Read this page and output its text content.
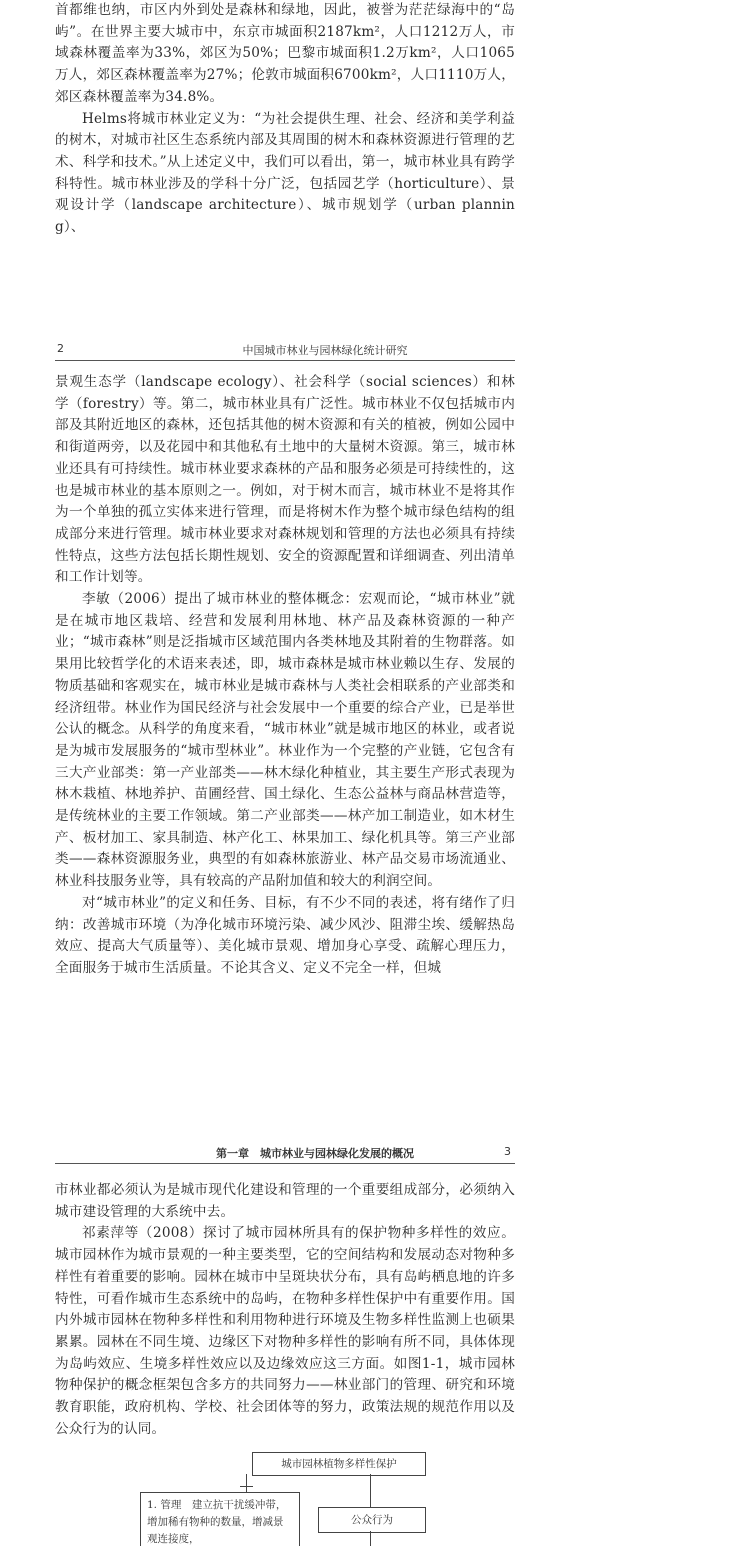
首都维也纳，市区内外到处是森林和绿地，因此，被誉为茫茫绿海中的“岛屿”。在世界主要大城市中，东京市城面积2187km²，人口1212万人，市域森林覆盖率为33%，郊区为50%；巴黎市城面积1.2万km²，人口1065万人，郊区森林覆盖率为27%；伦敦市城面积6700km²，人口1110万人，郊区森林覆盖率为34.8%。

Helms将城市林业定义为：“为社会提供生理、社会、经济和美学利益的树木，对城市社区生态系统内部及其周围的树木和森林资源进行管理的艺术、科学和技术。”从上述定义中，我们可以看出，第一，城市林业具有跨学科特性。城市林业涉及的学科十分广泛，包括园艺学（horticulture）、景观设计学（landscape architecture）、城市规划学（urban planning）、

2	中国城市林业与园林绿化统计研究

景观生态学（landscape ecology）、社会科学（social sciences）和林学（forestry）等。第二，城市林业具有广泛性。城市林业不仅包括城市内部及其附近地区的森林，还包括其他的树木资源和有关的植被，例如公园中和街道两旁，以及花园中和其他私有土地中的大量树木资源。第三，城市林业还具有可持续性。城市林业要求森林的产品和服务必须是可持续性的，这也是城市林业的基本原则之一。例如，对于树木而言，城市林业不是将其作为一个单独的孤立实体来进行管理，而是将树木作为整个城市绿色结构的组成部分来进行管理。城市林业要求对森林规划和管理的方法也必须具有持续性特点，这些方法包括长期性规划、安全的资源配置和详细调查、列出清单和工作计划等。

李敏（2006）提出了城市林业的整体概念：宏观而论，“城市林业”就是在城市地区栽培、经营和发展利用林地、林产品及森林资源的一种产业；“城市森林”则是泛指城市区域范围内各类林地及其附着的生物群落。如果用比较哲学化的术语来表述，即，城市森林是城市林业赖以生存、发展的物质基础和客观实在，城市林业是城市森林与人类社会相联系的产业部类和经济纽带。林业作为国民经济与社会发展中一个重要的综合产业，已是举世公认的概念。从科学的角度来看，“城市林业”就是城市地区的林业，或者说是为城市发展服务的“城市型林业”。林业作为一个完整的产业链，它包含有三大产业部类：第一产业部类——林木绿化种植业，其主要生产形式表现为林木栽植、林地养护、苗圃经营、国土绿化、生态公益林与商品林营造等，是传统林业的主要工作领域。第二产业部类——林产加工制造业，如木材生产、板材加工、家具制造、林产化工、林果加工、绿化机具等。第三产业部类——森林资源服务业，典型的有如森林旅游业、林产品交易市场流通业、林业科技服务业等，具有较高的产品附加值和较大的利润空间。

对“城市林业”的定义和任务、目标，有不少不同的表述，将有绪作了归纳：改善城市环境（为净化城市环境污染、减少风沙、阻滞尘埃、缓解热岛效应、提高大气质量等）、美化城市景观、增加身心享受、疏解心理压力，全面服务于城市生活质量。不论其含义、定义不完全一样，但城

第一章　城市林业与园林绿化发展的概况	3

市林业都必须认为是城市现代化建设和管理的一个重要组成部分，必须纳入城市建设管理的大系统中去。

祁素萍等（2008）探讨了城市园林所具有的保护物种多样性的效应。城市园林作为城市景观的一种主要类型，它的空间结构和发展动态对物种多样性有着重要的影响。园林在城市中呈斑块状分布，具有岛屿栖息地的许多特性，可看作城市生态系统中的岛屿，在物种多样性保护中有重要作用。国内外城市园林在物种多样性和利用物种进行环境及生物多样性监测上也硕果累累。园林在不同生境、边缘区下对物种多样性的影响有所不同，具体体现为岛屿效应、生境多样性效应以及边缘效应这三方面。如图1-1，城市园林物种保护的概念框架包含多方的共同努力——林业部门的管理、研究和环境教育职能，政府机构、学校、社会团体等的努力，政策法规的规范作用以及公众行为的认同。

城市园林植物多样性保护
1. 管理　建立抗干扰缓冲带，增加稀有物种的数量，增减景观连接度，
公众行为
